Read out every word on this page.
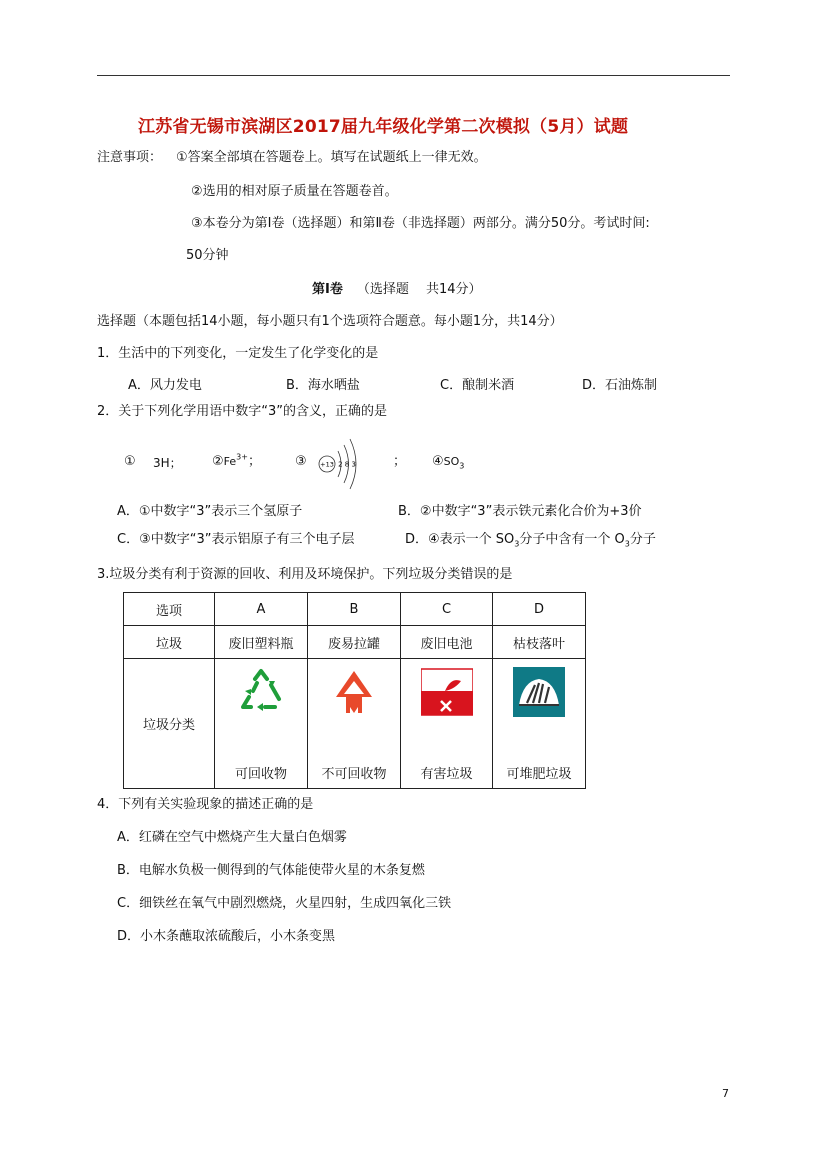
江苏省无锡市滨湖区2017届九年级化学第二次模拟（5月）试题
注意事项： ①答案全部填在答题卷上。填写在试题纸上一律无效。
②选用的相对原子质量在答题卷首。
③本卷分为第Ⅰ卷（选择题）和第Ⅱ卷（非选择题）两部分。满分50分。考试时间:
50分钟
第Ⅰ卷 （选择题　 共14分）
选择题（本题包括14小题，每小题只有1个选项符合题意。每小题1分，共14分）
1．生活中的下列变化，一定发生了化学变化的是
A．风力发电	B．海水晒盐	C．酿制米酒	D．石油炼制
2．关于下列化学用语中数字“3”的含义，正确的是
① 3H； $②Fe^{3+}$；	③ +13 2 8 3	； $④SO_3$
A．①中数字“3”表示三个氢原子	B．②中数字“3”表示铁元素化合价为+3价
C．③中数字“3”表示铝原子有三个电子层	D．④表示一个 $SO_3$分子中含有一个 $O_3$分子
3.垃圾分类有利于资源的回收、利用及环境保护。下列垃圾分类错误的是
选项	A	B	C	D
垃圾	废旧塑料瓶	废易拉罐	废旧电池	枯枝落叶
垃圾分类	可回收物	不可回收物	有害垃圾	可堆肥垃圾
4．下列有关实验现象的描述正确的是
A．红磷在空气中燃烧产生大量白色烟雾
B．电解水负极一侧得到的气体能使带火星的木条复燃
C．细铁丝在氧气中剧烈燃烧，火星四射，生成四氧化三铁
D．小木条蘸取浓硫酸后，小木条变黑
7
